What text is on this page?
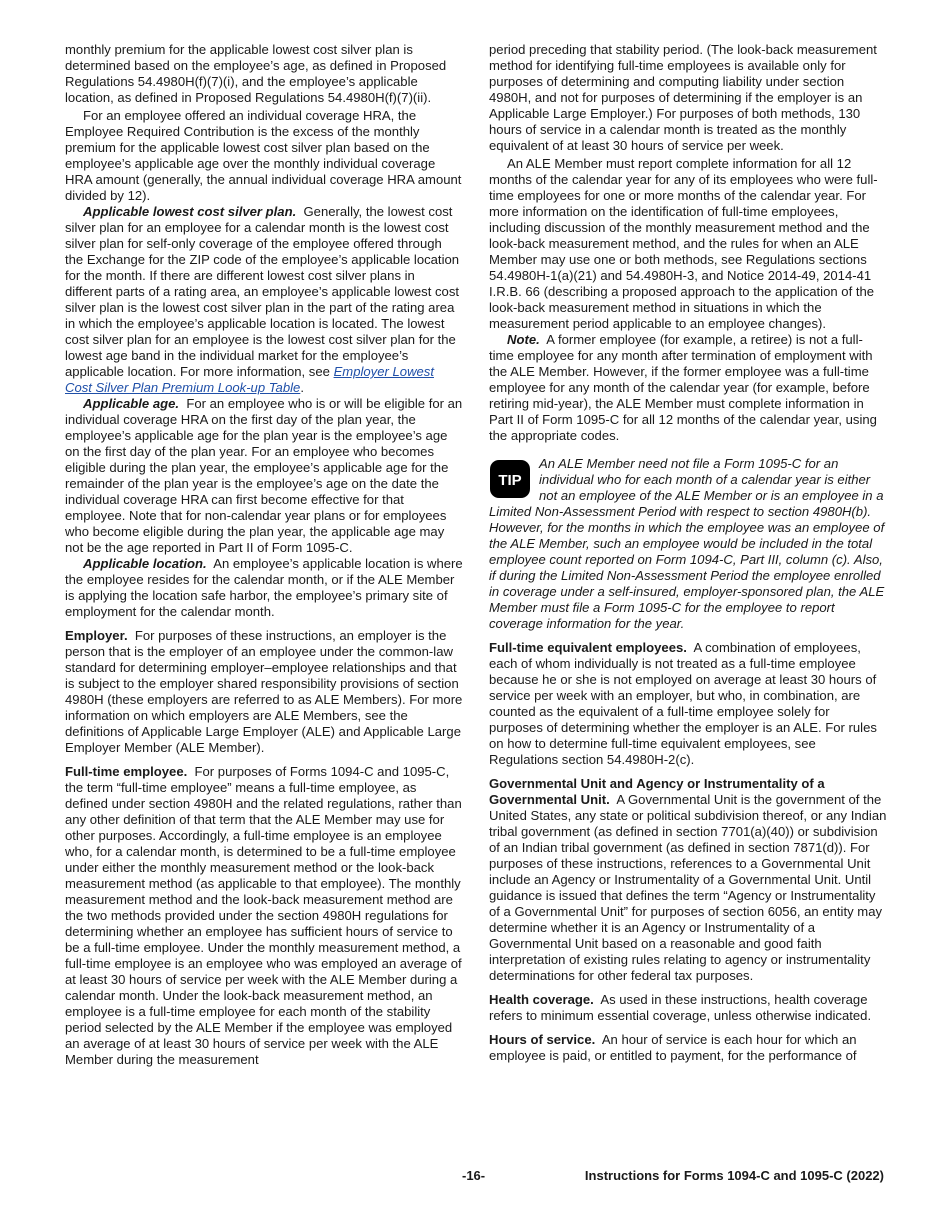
monthly premium for the applicable lowest cost silver plan is determined based on the employee’s age, as defined in Proposed Regulations 54.4980H(f)(7)(i), and the employee’s applicable location, as defined in Proposed Regulations 54.4980H(f)(7)(ii).

For an employee offered an individual coverage HRA, the Employee Required Contribution is the excess of the monthly premium for the applicable lowest cost silver plan based on the employee’s applicable age over the monthly individual coverage HRA amount (generally, the annual individual coverage HRA amount divided by 12).

Applicable lowest cost silver plan. Generally, the lowest cost silver plan for an employee for a calendar month is the lowest cost silver plan for self-only coverage of the employee offered through the Exchange for the ZIP code of the employee’s applicable location for the month. If there are different lowest cost silver plans in different parts of a rating area, an employee’s applicable lowest cost silver plan is the lowest cost silver plan in the part of the rating area in which the employee’s applicable location is located. The lowest cost silver plan for an employee is the lowest cost silver plan for the lowest age band in the individual market for the employee’s applicable location. For more information, see Employer Lowest Cost Silver Plan Premium Look-up Table.

Applicable age. For an employee who is or will be eligible for an individual coverage HRA on the first day of the plan year, the employee’s applicable age for the plan year is the employee’s age on the first day of the plan year. For an employee who becomes eligible during the plan year, the employee’s applicable age for the remainder of the plan year is the employee’s age on the date the individual coverage HRA can first become effective for that employee. Note that for non-calendar year plans or for employees who become eligible during the plan year, the applicable age may not be the age reported in Part II of Form 1095-C.

Applicable location. An employee’s applicable location is where the employee resides for the calendar month, or if the ALE Member is applying the location safe harbor, the employee’s primary site of employment for the calendar month.

Employer. For purposes of these instructions, an employer is the person that is the employer of an employee under the common-law standard for determining employer–employee relationships and that is subject to the employer shared responsibility provisions of section 4980H (these employers are referred to as ALE Members). For more information on which employers are ALE Members, see the definitions of Applicable Large Employer (ALE) and Applicable Large Employer Member (ALE Member).

Full-time employee. For purposes of Forms 1094-C and 1095-C, the term “full-time employee” means a full-time employee, as defined under section 4980H and the related regulations, rather than any other definition of that term that the ALE Member may use for other purposes. Accordingly, a full-time employee is an employee who, for a calendar month, is determined to be a full-time employee under either the monthly measurement method or the look-back measurement method (as applicable to that employee). The monthly measurement method and the look-back measurement method are the two methods provided under the section 4980H regulations for determining whether an employee has sufficient hours of service to be a full-time employee. Under the monthly measurement method, a full-time employee is an employee who was employed an average of at least 30 hours of service per week with the ALE Member during a calendar month. Under the look-back measurement method, an employee is a full-time employee for each month of the stability period selected by the ALE Member if the employee was employed an average of at least 30 hours of service per week with the ALE Member during the measurement

period preceding that stability period. (The look-back measurement method for identifying full-time employees is available only for purposes of determining and computing liability under section 4980H, and not for purposes of determining if the employer is an Applicable Large Employer.) For purposes of both methods, 130 hours of service in a calendar month is treated as the monthly equivalent of at least 30 hours of service per week.

An ALE Member must report complete information for all 12 months of the calendar year for any of its employees who were full-time employees for one or more months of the calendar year. For more information on the identification of full-time employees, including discussion of the monthly measurement method and the look-back measurement method, and the rules for when an ALE Member may use one or both methods, see Regulations sections 54.4980H-1(a)(21) and 54.4980H-3, and Notice 2014-49, 2014-41 I.R.B. 66 (describing a proposed approach to the application of the look-back measurement method in situations in which the measurement period applicable to an employee changes).

Note. A former employee (for example, a retiree) is not a full-time employee for any month after termination of employment with the ALE Member. However, if the former employee was a full-time employee for any month of the calendar year (for example, before retiring mid-year), the ALE Member must complete information in Part II of Form 1095-C for all 12 months of the calendar year, using the appropriate codes.

TIP
An ALE Member need not file a Form 1095-C for an individual who for each month of a calendar year is either not an employee of the ALE Member or is an employee in a Limited Non-Assessment Period with respect to section 4980H(b). However, for the months in which the employee was an employee of the ALE Member, such an employee would be included in the total employee count reported on Form 1094-C, Part III, column (c). Also, if during the Limited Non-Assessment Period the employee enrolled in coverage under a self-insured, employer-sponsored plan, the ALE Member must file a Form 1095-C for the employee to report coverage information for the year.

Full-time equivalent employees. A combination of employees, each of whom individually is not treated as a full-time employee because he or she is not employed on average at least 30 hours of service per week with an employer, but who, in combination, are counted as the equivalent of a full-time employee solely for purposes of determining whether the employer is an ALE. For rules on how to determine full-time equivalent employees, see Regulations section 54.4980H-2(c).

Governmental Unit and Agency or Instrumentality of a Governmental Unit. A Governmental Unit is the government of the United States, any state or political subdivision thereof, or any Indian tribal government (as defined in section 7701(a)(40)) or subdivision of an Indian tribal government (as defined in section 7871(d)). For purposes of these instructions, references to a Governmental Unit include an Agency or Instrumentality of a Governmental Unit. Until guidance is issued that defines the term “Agency or Instrumentality of a Governmental Unit” for purposes of section 6056, an entity may determine whether it is an Agency or Instrumentality of a Governmental Unit based on a reasonable and good faith interpretation of existing rules relating to agency or instrumentality determinations for other federal tax purposes.

Health coverage. As used in these instructions, health coverage refers to minimum essential coverage, unless otherwise indicated.

Hours of service. An hour of service is each hour for which an employee is paid, or entitled to payment, for the performance of

-16-	Instructions for Forms 1094-C and 1095-C (2022)
